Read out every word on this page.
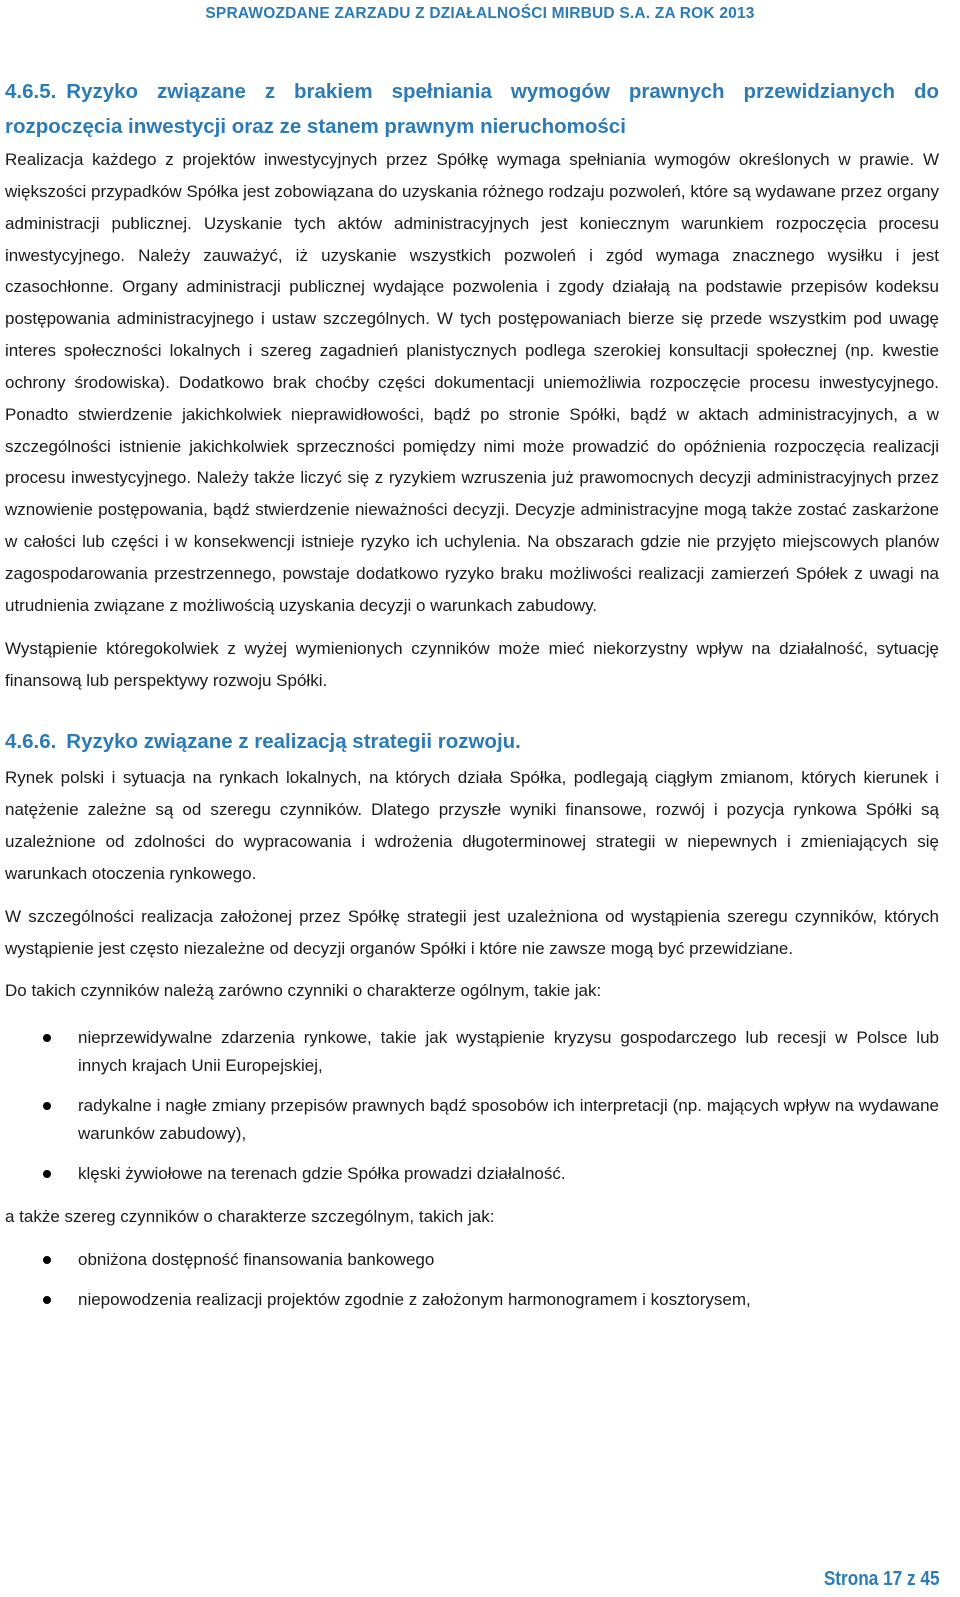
SPRAWOZDANE ZARZADU Z DZIAŁALNOŚCI MIRBUD S.A. ZA ROK 2013
4.6.5. Ryzyko związane z brakiem spełniania wymogów prawnych przewidzianych do rozpoczęcia inwestycji oraz ze stanem prawnym nieruchomości

Realizacja każdego z projektów inwestycyjnych przez Spółkę wymaga spełniania wymogów określonych w prawie. W większości przypadków Spółka jest zobowiązana do uzyskania różnego rodzaju pozwoleń, które są wydawane przez organy administracji publicznej. Uzyskanie tych aktów administracyjnych jest koniecznym warunkiem rozpoczęcia procesu inwestycyjnego. Należy zauważyć, iż uzyskanie wszystkich pozwoleń i zgód wymaga znacznego wysiłku i jest czasochłonne. Organy administracji publicznej wydające pozwolenia i zgody działają na podstawie przepisów kodeksu postępowania administracyjnego i ustaw szczególnych. W tych postępowaniach bierze się przede wszystkim pod uwagę interes społeczności lokalnych i szereg zagadnień planistycznych podlega szerokiej konsultacji społecznej (np. kwestie ochrony środowiska). Dodatkowo brak choćby części dokumentacji uniemożliwia rozpoczęcie procesu inwestycyjnego. Ponadto stwierdzenie jakichkolwiek nieprawidłowości, bądź po stronie Spółki, bądź w aktach administracyjnych, a w szczególności istnienie jakichkolwiek sprzeczności pomiędzy nimi może prowadzić do opóźnienia rozpoczęcia realizacji procesu inwestycyjnego. Należy także liczyć się z ryzykiem wzruszenia już prawomocnych decyzji administracyjnych przez wznowienie postępowania, bądź stwierdzenie nieważności decyzji. Decyzje administracyjne mogą także zostać zaskarżone w całości lub części i w konsekwencji istnieje ryzyko ich uchylenia. Na obszarach gdzie nie przyjęto miejscowych planów zagospodarowania przestrzennego, powstaje dodatkowo ryzyko braku możliwości realizacji zamierzeń Spółek z uwagi na utrudnienia związane z możliwością uzyskania decyzji o warunkach zabudowy.

Wystąpienie któregokolwiek z wyżej wymienionych czynników może mieć niekorzystny wpływ na działalność, sytuację finansową lub perspektywy rozwoju Spółki.

4.6.6. Ryzyko związane z realizacją strategii rozwoju.

Rynek polski i sytuacja na rynkach lokalnych, na których działa Spółka, podlegają ciągłym zmianom, których kierunek i natężenie zależne są od szeregu czynników. Dlatego przyszłe wyniki finansowe, rozwój i pozycja rynkowa Spółki są uzależnione od zdolności do wypracowania i wdrożenia długoterminowej strategii w niepewnych i zmieniających się warunkach otoczenia rynkowego.

W szczególności realizacja założonej przez Spółkę strategii jest uzależniona od wystąpienia szeregu czynników, których wystąpienie jest często niezależne od decyzji organów Spółki i które nie zawsze mogą być przewidziane.

Do takich czynników należą zarówno czynniki o charakterze ogólnym, takie jak:

nieprzewidywalne zdarzenia rynkowe, takie jak wystąpienie kryzysu gospodarczego lub recesji w Polsce lub innych krajach Unii Europejskiej,
radykalne i nagłe zmiany przepisów prawnych bądź sposobów ich interpretacji (np. mających wpływ na wydawane warunków zabudowy),
klęski żywiołowe na terenach gdzie Spółka prowadzi działalność.

a także szereg czynników o charakterze szczególnym, takich jak:

obniżona dostępność finansowania bankowego
niepowodzenia realizacji projektów zgodnie z założonym harmonogramem i kosztorysem,
Strona 17 z 45
